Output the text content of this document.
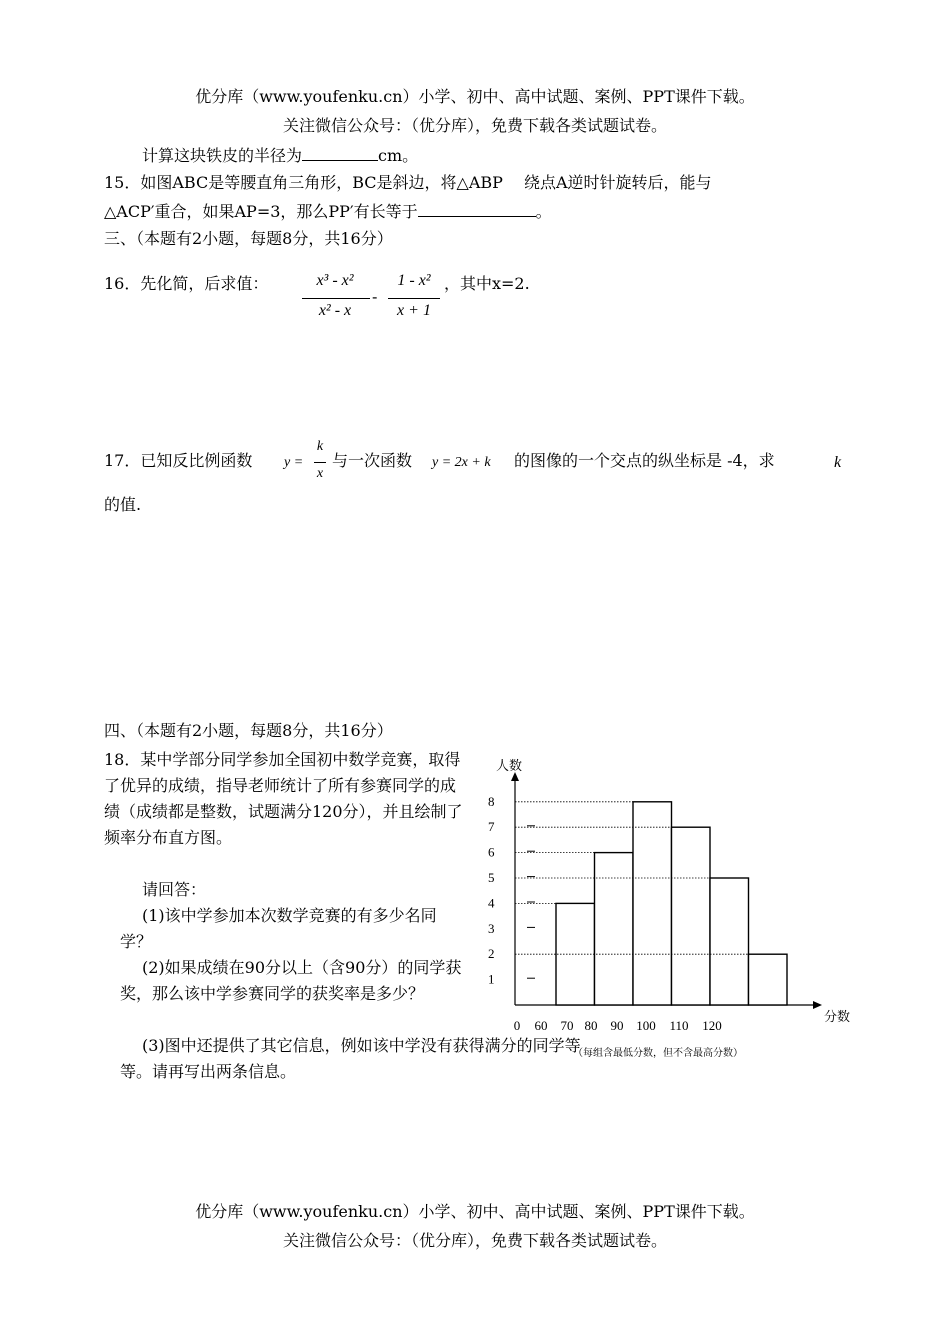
优分库（www.youfenku.cn）小学、初中、高中试题、案例、PPT课件下载。
关注微信公众号：（优分库），免费下载各类试题试卷。
计算这块铁皮的半径为	cm。
15．如图ABC是等腰直角三角形，BC是斜边，将△ABP　 绕点A逆时针旋转后，能与
△ACP′重合，如果AP=3，那么PP′有长等于	。
三、（本题有2小题，每题8分，共16分）
16．先化简，后求值：	x³ - x²
x² - x
-
1 - x²
x + 1
，其中x=2.
17．已知反比例函数 y =
k
x
与一次函数 y = 2x + k 的图像的一个交点的纵坐标是 -4，求	k
的值.
四、（本题有2小题，每题8分，共16分）
18．某中学部分同学参加全国初中数学竞赛，取得了优异的成绩，指导老师统计了所有参赛同学的成绩（成绩都是整数，试题满分120分），并且绘制了频率分布直方图。
请回答：
(1)该中学参加本次数学竞赛的有多少名同学？
(2)如果成绩在90分以上（含90分）的同学获奖，那么该中学参赛同学的获奖率是多少？
(3)图中还提供了其它信息，例如该中学没有获得满分的同学等等。请再写出两条信息。
1
2
3
4
5
6
7
8
0 60 70 80 90 100 110 120
人数
分数
（每组含最低分数，但不含最高分数）
优分库（www.youfenku.cn）小学、初中、高中试题、案例、PPT课件下载。
关注微信公众号：（优分库），免费下载各类试题试卷。
